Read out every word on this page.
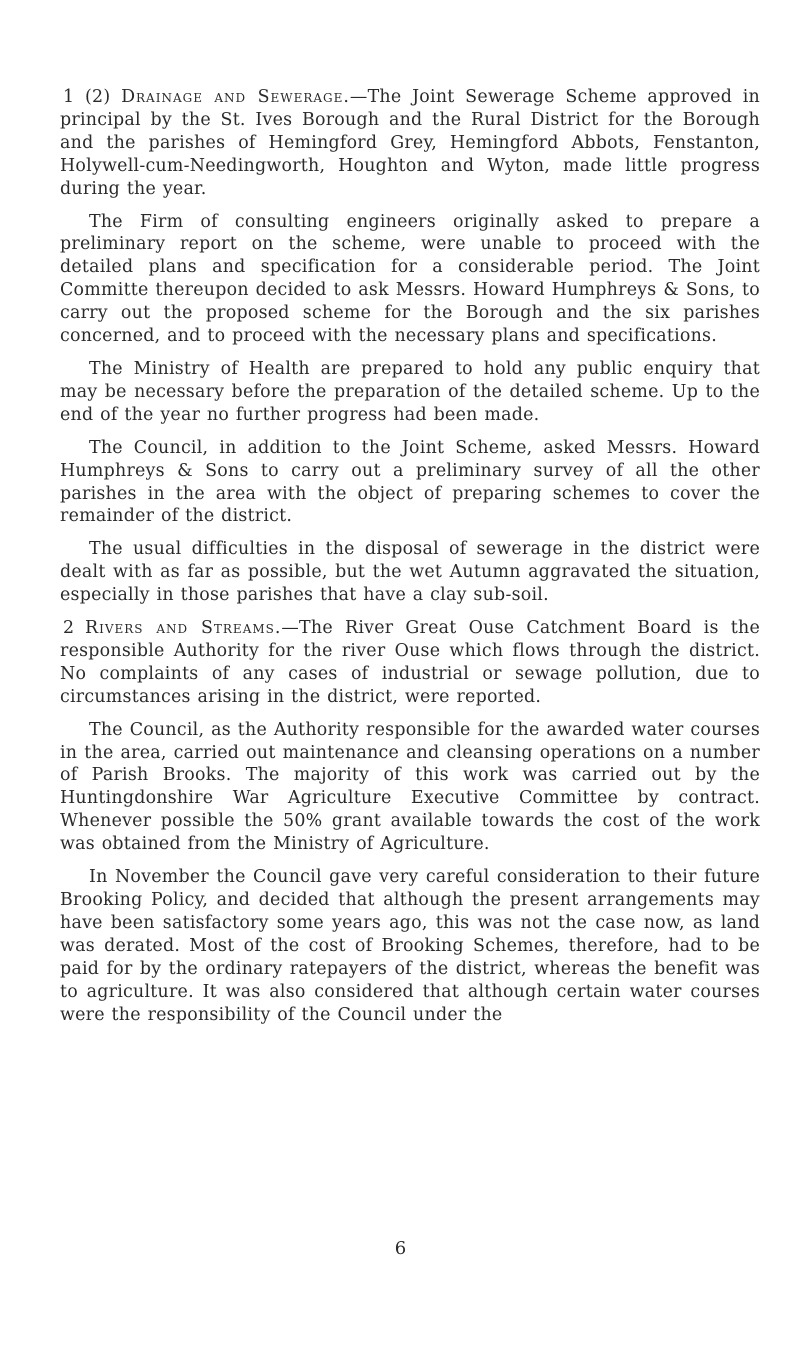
1 (2) Drainage and Sewerage.—The Joint Sewerage Scheme approved in principal by the St. Ives Borough and the Rural District for the Borough and the parishes of Hemingford Grey, Hemingford Abbots, Fenstanton, Holywell-cum-Needingworth, Houghton and Wyton, made little progress during the year.

The Firm of consulting engineers originally asked to prepare a preliminary report on the scheme, were unable to proceed with the detailed plans and specification for a considerable period. The Joint Committe thereupon decided to ask Messrs. Howard Humphreys & Sons, to carry out the proposed scheme for the Borough and the six parishes concerned, and to proceed with the necessary plans and specifications.

The Ministry of Health are prepared to hold any public enquiry that may be necessary before the preparation of the detailed scheme. Up to the end of the year no further progress had been made.

The Council, in addition to the Joint Scheme, asked Messrs. Howard Humphreys & Sons to carry out a preliminary survey of all the other parishes in the area with the object of preparing schemes to cover the remainder of the district.

The usual difficulties in the disposal of sewerage in the district were dealt with as far as possible, but the wet Autumn aggravated the situation, especially in those parishes that have a clay sub-soil.

2 Rivers and Streams.—The River Great Ouse Catchment Board is the responsible Authority for the river Ouse which flows through the district. No complaints of any cases of industrial or sewage pollution, due to circumstances arising in the district, were reported.

The Council, as the Authority responsible for the awarded water courses in the area, carried out maintenance and cleansing operations on a number of Parish Brooks. The majority of this work was carried out by the Huntingdonshire War Agriculture Executive Committee by contract. Whenever possible the 50% grant available towards the cost of the work was obtained from the Ministry of Agriculture.

In November the Council gave very careful consideration to their future Brooking Policy, and decided that although the present arrangements may have been satisfactory some years ago, this was not the case now, as land was derated. Most of the cost of Brooking Schemes, therefore, had to be paid for by the ordinary ratepayers of the district, whereas the benefit was to agriculture. It was also considered that although certain water courses were the responsibility of the Council under the

6
